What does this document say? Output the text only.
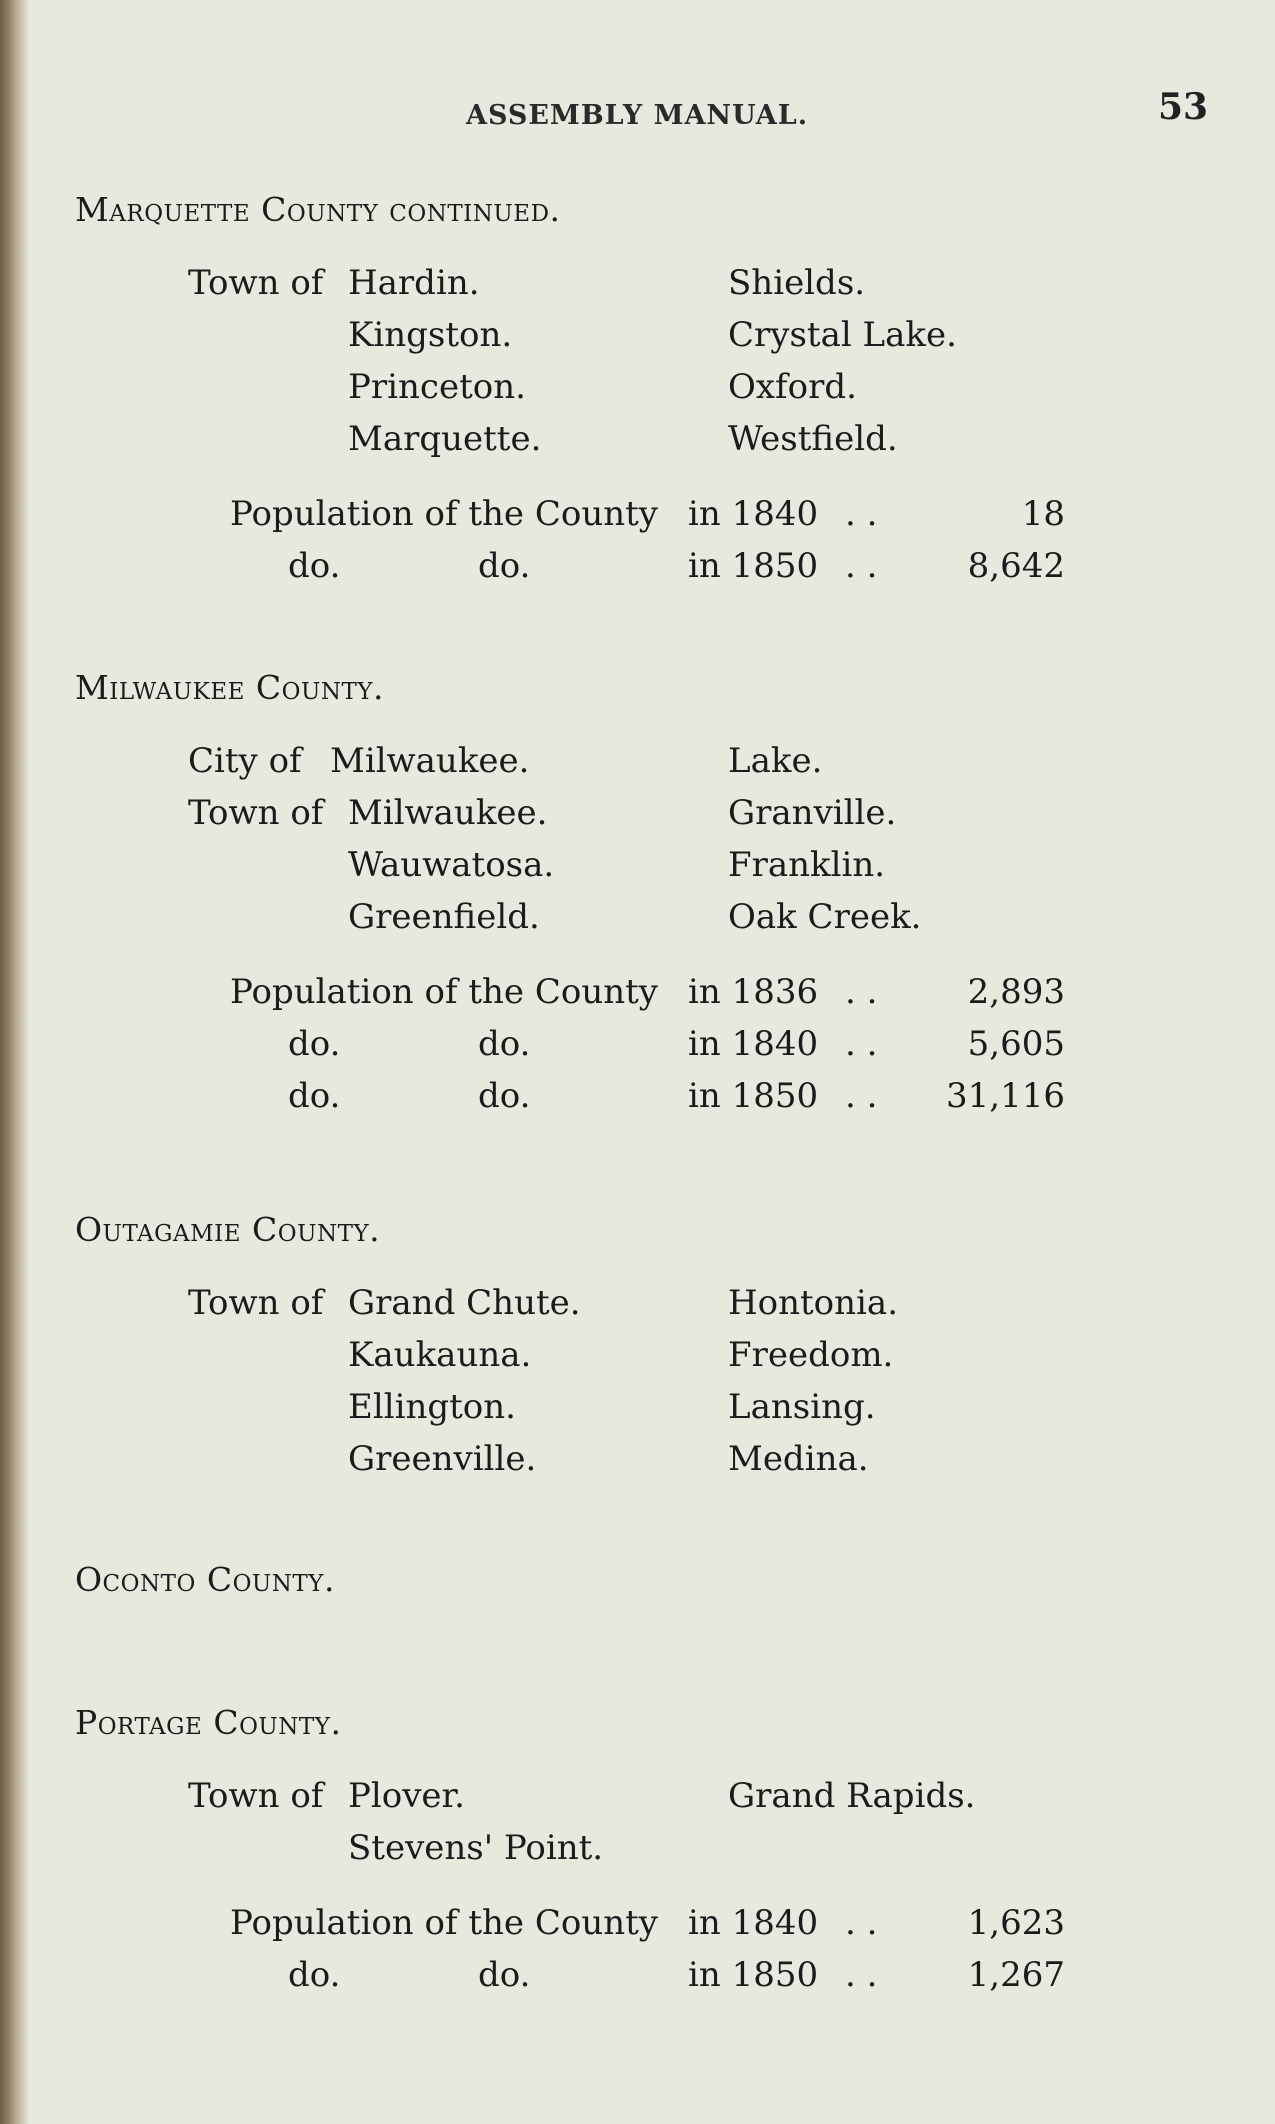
ASSEMBLY MANUAL.	53
Marquette County continued.
Town of Hardin.	Shields.
Kingston.	Crystal Lake.
Princeton.	Oxford.
Marquette.	Westfield.
Population of the County in 1840 . .	18
do.	do.	in 1850 . .	8,642
Milwaukee County.
City of Milwaukee.	Lake.
Town of Milwaukee.	Granville.
Wauwatosa.	Franklin.
Greenfield.	Oak Creek.
Population of the County in 1836 . .	2,893
do.	do.	in 1840 . .	5,605
do.	do.	in 1850 . . 31,116
Outagamie County.
Town of Grand Chute.	Hontonia.
Kaukauna.	Freedom.
Ellington.	Lansing.
Greenville.	Medina.
Oconto County.
Portage County.
Town of Plover.	Grand Rapids.
Stevens' Point.
Population of the County in 1840 . .	1,623
do.	do.	in 1850 . .	1,267
